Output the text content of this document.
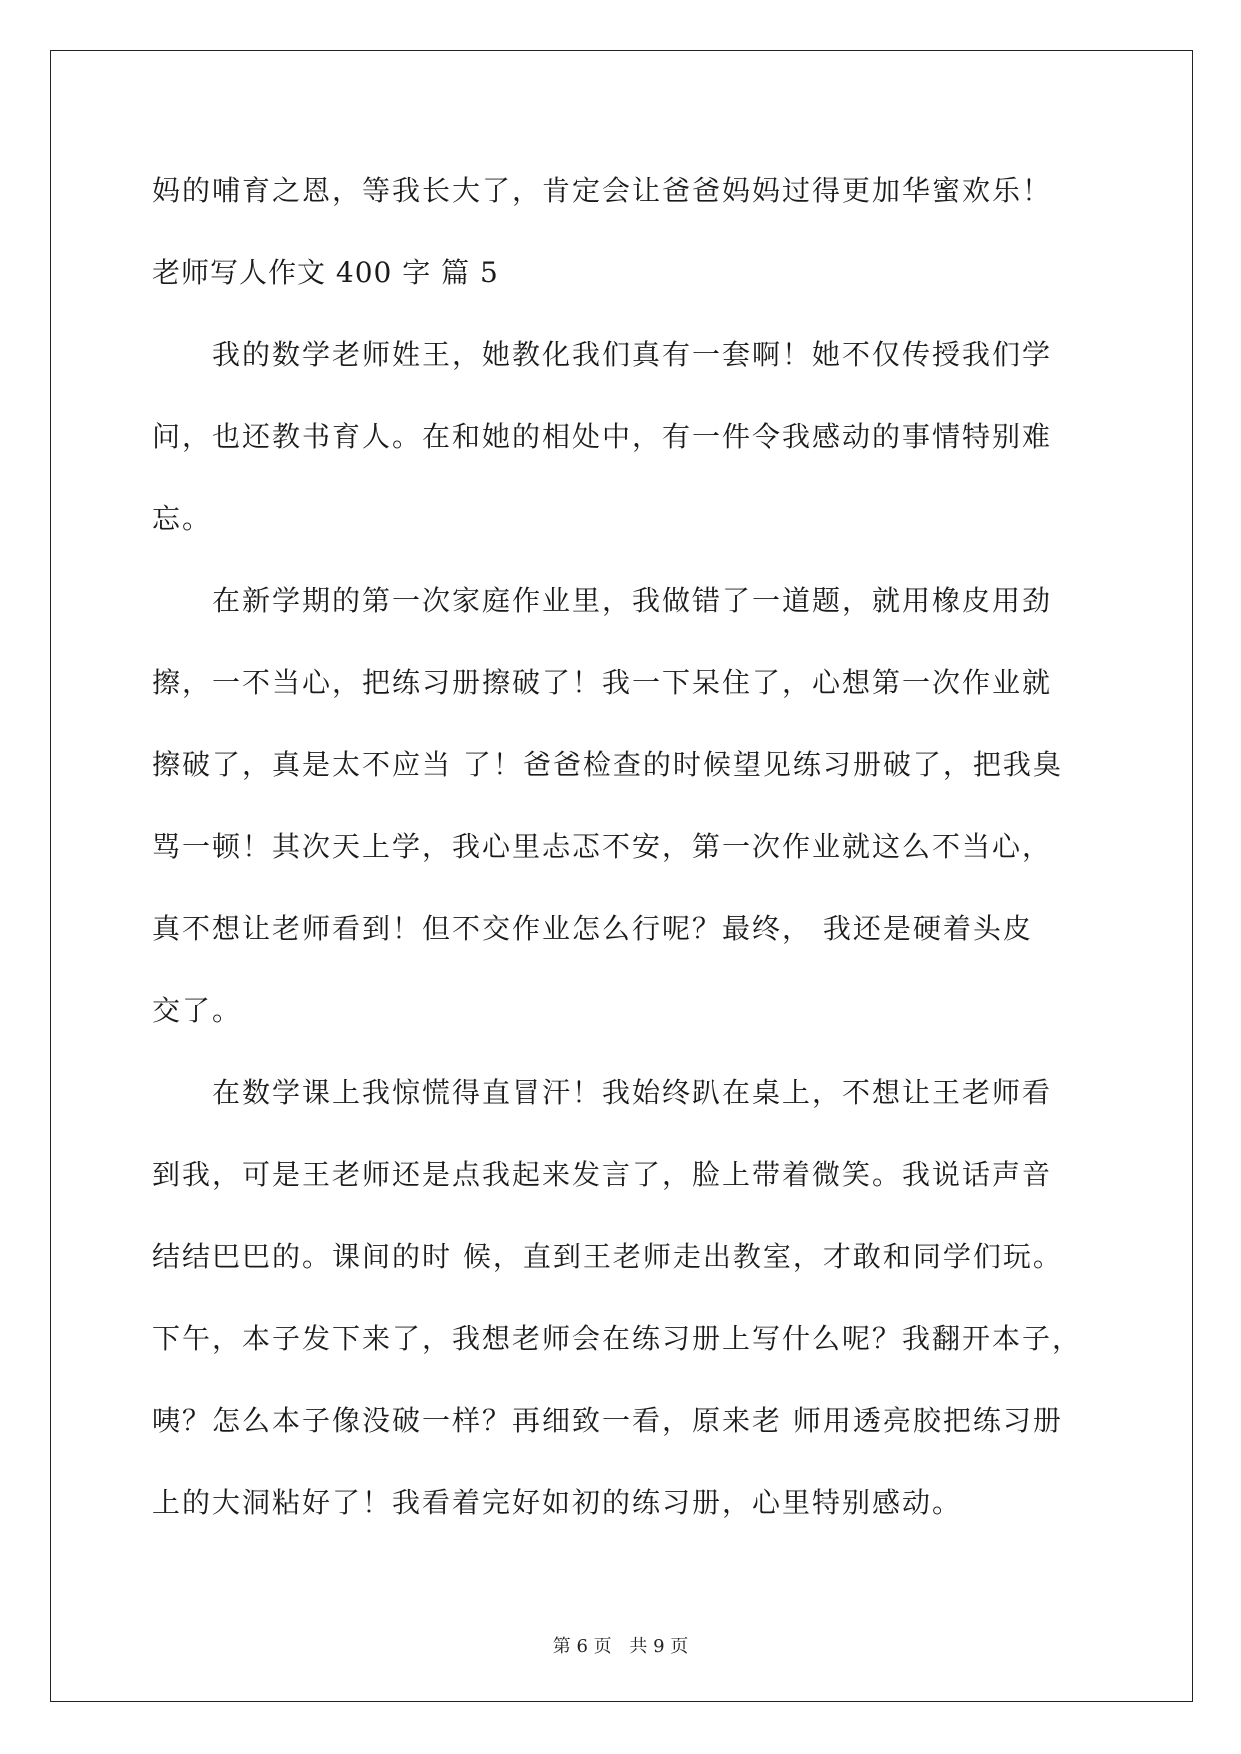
妈的哺育之恩，等我长大了，肯定会让爸爸妈妈过得更加华蜜欢乐！
老师写人作文 400 字 篇 5
我的数学老师姓王，她教化我们真有一套啊！她不仅传授我们学
问，也还教书育人。在和她的相处中，有一件令我感动的事情特别难
忘。
在新学期的第一次家庭作业里，我做错了一道题，就用橡皮用劲
擦，一不当心，把练习册擦破了！我一下呆住了，心想第一次作业就
擦破了，真是太不应当 了！爸爸检查的时候望见练习册破了，把我臭
骂一顿！其次天上学，我心里忐忑不安，第一次作业就这么不当心，
真不想让老师看到！但不交作业怎么行呢？最终， 我还是硬着头皮
交了。
在数学课上我惊慌得直冒汗！我始终趴在桌上，不想让王老师看
到我，可是王老师还是点我起来发言了，脸上带着微笑。我说话声音
结结巴巴的。课间的时 候，直到王老师走出教室，才敢和同学们玩。
下午，本子发下来了，我想老师会在练习册上写什么呢？我翻开本子，
咦？怎么本子像没破一样？再细致一看，原来老 师用透亮胶把练习册
上的大洞粘好了！我看着完好如初的练习册，心里特别感动。
第 6 页 共 9 页
